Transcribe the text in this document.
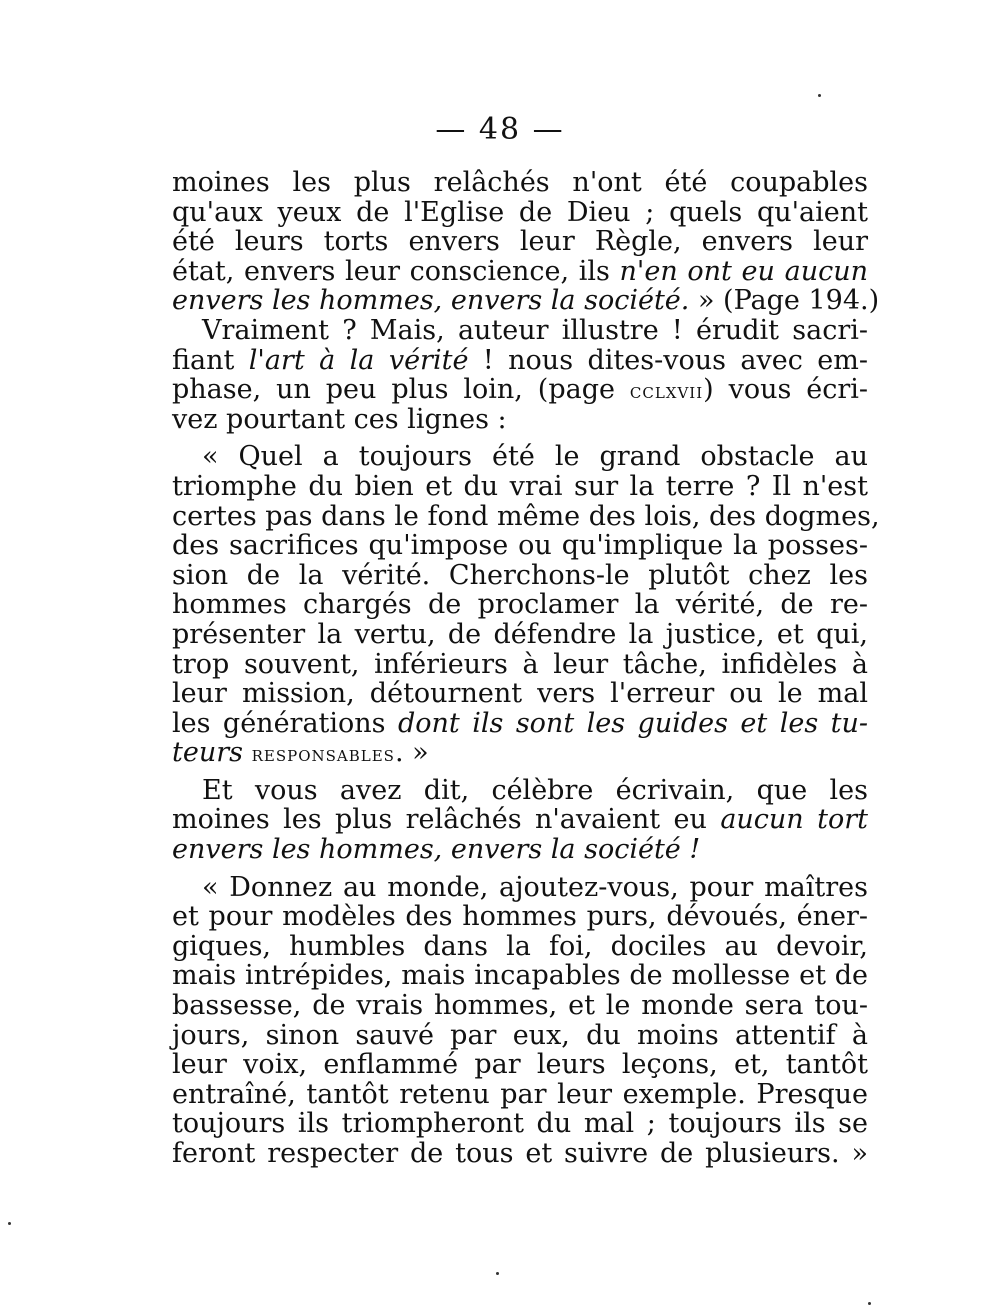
— 48 —
moines les plus relâchés n'ont été coupables
qu'aux yeux de l'Eglise de Dieu ; quels qu'aient
été leurs torts envers leur Règle, envers leur
état, envers leur conscience, ils n'en ont eu aucun
envers les hommes, envers la société. » (Page 194.)
Vraiment ? Mais, auteur illustre ! érudit sacri-
fiant l'art à la vérité ! nous dites-vous avec em-
phase, un peu plus loin, (page cclxvii) vous écri-
vez pourtant ces lignes :
« Quel a toujours été le grand obstacle au
triomphe du bien et du vrai sur la terre ? Il n'est
certes pas dans le fond même des lois, des dogmes,
des sacrifices qu'impose ou qu'implique la posses-
sion de la vérité. Cherchons-le plutôt chez les
hommes chargés de proclamer la vérité, de re-
présenter la vertu, de défendre la justice, et qui,
trop souvent, inférieurs à leur tâche, infidèles à
leur mission, détournent vers l'erreur ou le mal
les générations dont ils sont les guides et les tu-
teurs responsables. »
Et vous avez dit, célèbre écrivain, que les
moines les plus relâchés n'avaient eu aucun tort
envers les hommes, envers la société !
« Donnez au monde, ajoutez-vous, pour maîtres
et pour modèles des hommes purs, dévoués, éner-
giques, humbles dans la foi, dociles au devoir,
mais intrépides, mais incapables de mollesse et de
bassesse, de vrais hommes, et le monde sera tou-
jours, sinon sauvé par eux, du moins attentif à
leur voix, enflammé par leurs leçons, et, tantôt
entraîné, tantôt retenu par leur exemple. Presque
toujours ils triompheront du mal ; toujours ils se
feront respecter de tous et suivre de plusieurs. »
